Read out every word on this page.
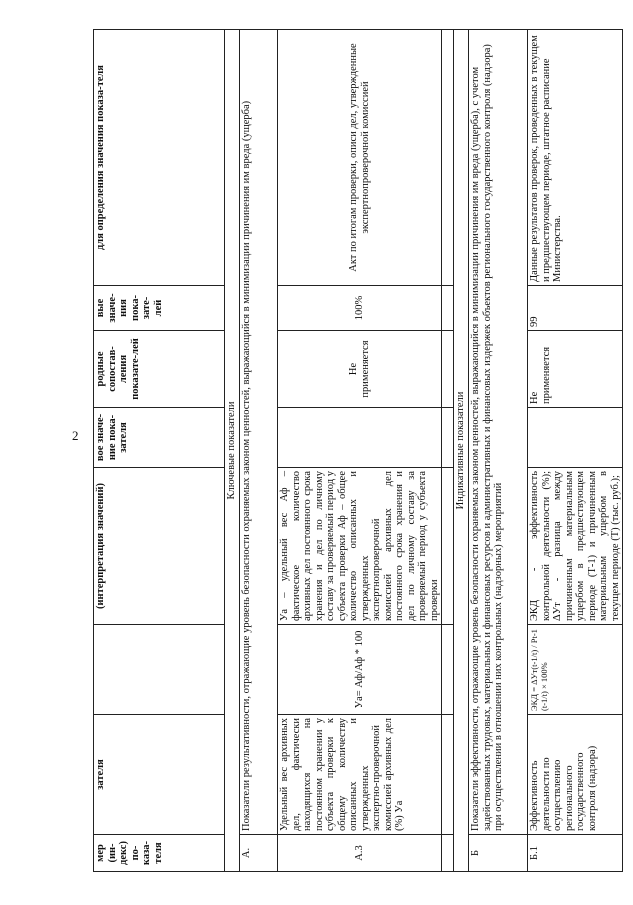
2
мер (ин-декс) по-каза-теля	зателя		(интерпретация значений)	вое значе-ние пока-зателя	родные сопостав-ления показате-лей	вые значе-ния пока-зате-лей	для определения значения показа-теля
Ключевые показатели							
А.	Показатели результативности, отражающие уровень безопасности охраняемых законом ценностей, выражающийся в минимизации причинения им вреда (ущерба)						
А.3	Удельный вес архивных дел, фактически находящихся на постоянном хранении у субъекта проверки к общему количеству описанных и утвержденных экспертно-проверочной комиссией архивных дел (%) Уа	Уа= Аф/Аф * 100	Уа – удельный вес Аф – фактическое количество архивных дел постоянного срока хранения и дел по личному составу за проверяемый период у субъекта проверки Аф – общее количество описанных и утвержденных экспертнопроверочной комиссией архивных дел постоянного срока хранения и дел по личному составу за проверяемый период у субъекта проверки		Не применяется	100%	Акт по итогам проверки, описи дел, утвержденные экспертнопроверочной комиссией

Индикативные показатели							
Б	Показатели эффективности, отражающие уровень безопасности охраняемых законом ценностей, выражающийся в минимизации причинения им вреда (ущерба), с учетом задействованных трудовых, материальных и финансовых ресурсов и административных и финансовых издержек объектов регионального государственного контроля (надзора) при осуществлении в отношении них контрольных (надзорных) мероприятий						
Б.1	Эффективность деятельности по осуществлению регионального государственного контроля (надзора)	ЭКД = ΔУт(t-1/t) / Рt-1 (t-1/t) × 100%	ЭКД - эффективность контрольной деятельности (%); ΔУт - разница между причиненным материальным ущербом в предшествующем периоде (Т-1) и причиненным материальным ущербом в текущем периоде (Т) (тыс. руб.);		Не применяется	99	Данные результатов проверок, проведенных в текущем и предшествующем периоде, штатное расписание Министерства.
